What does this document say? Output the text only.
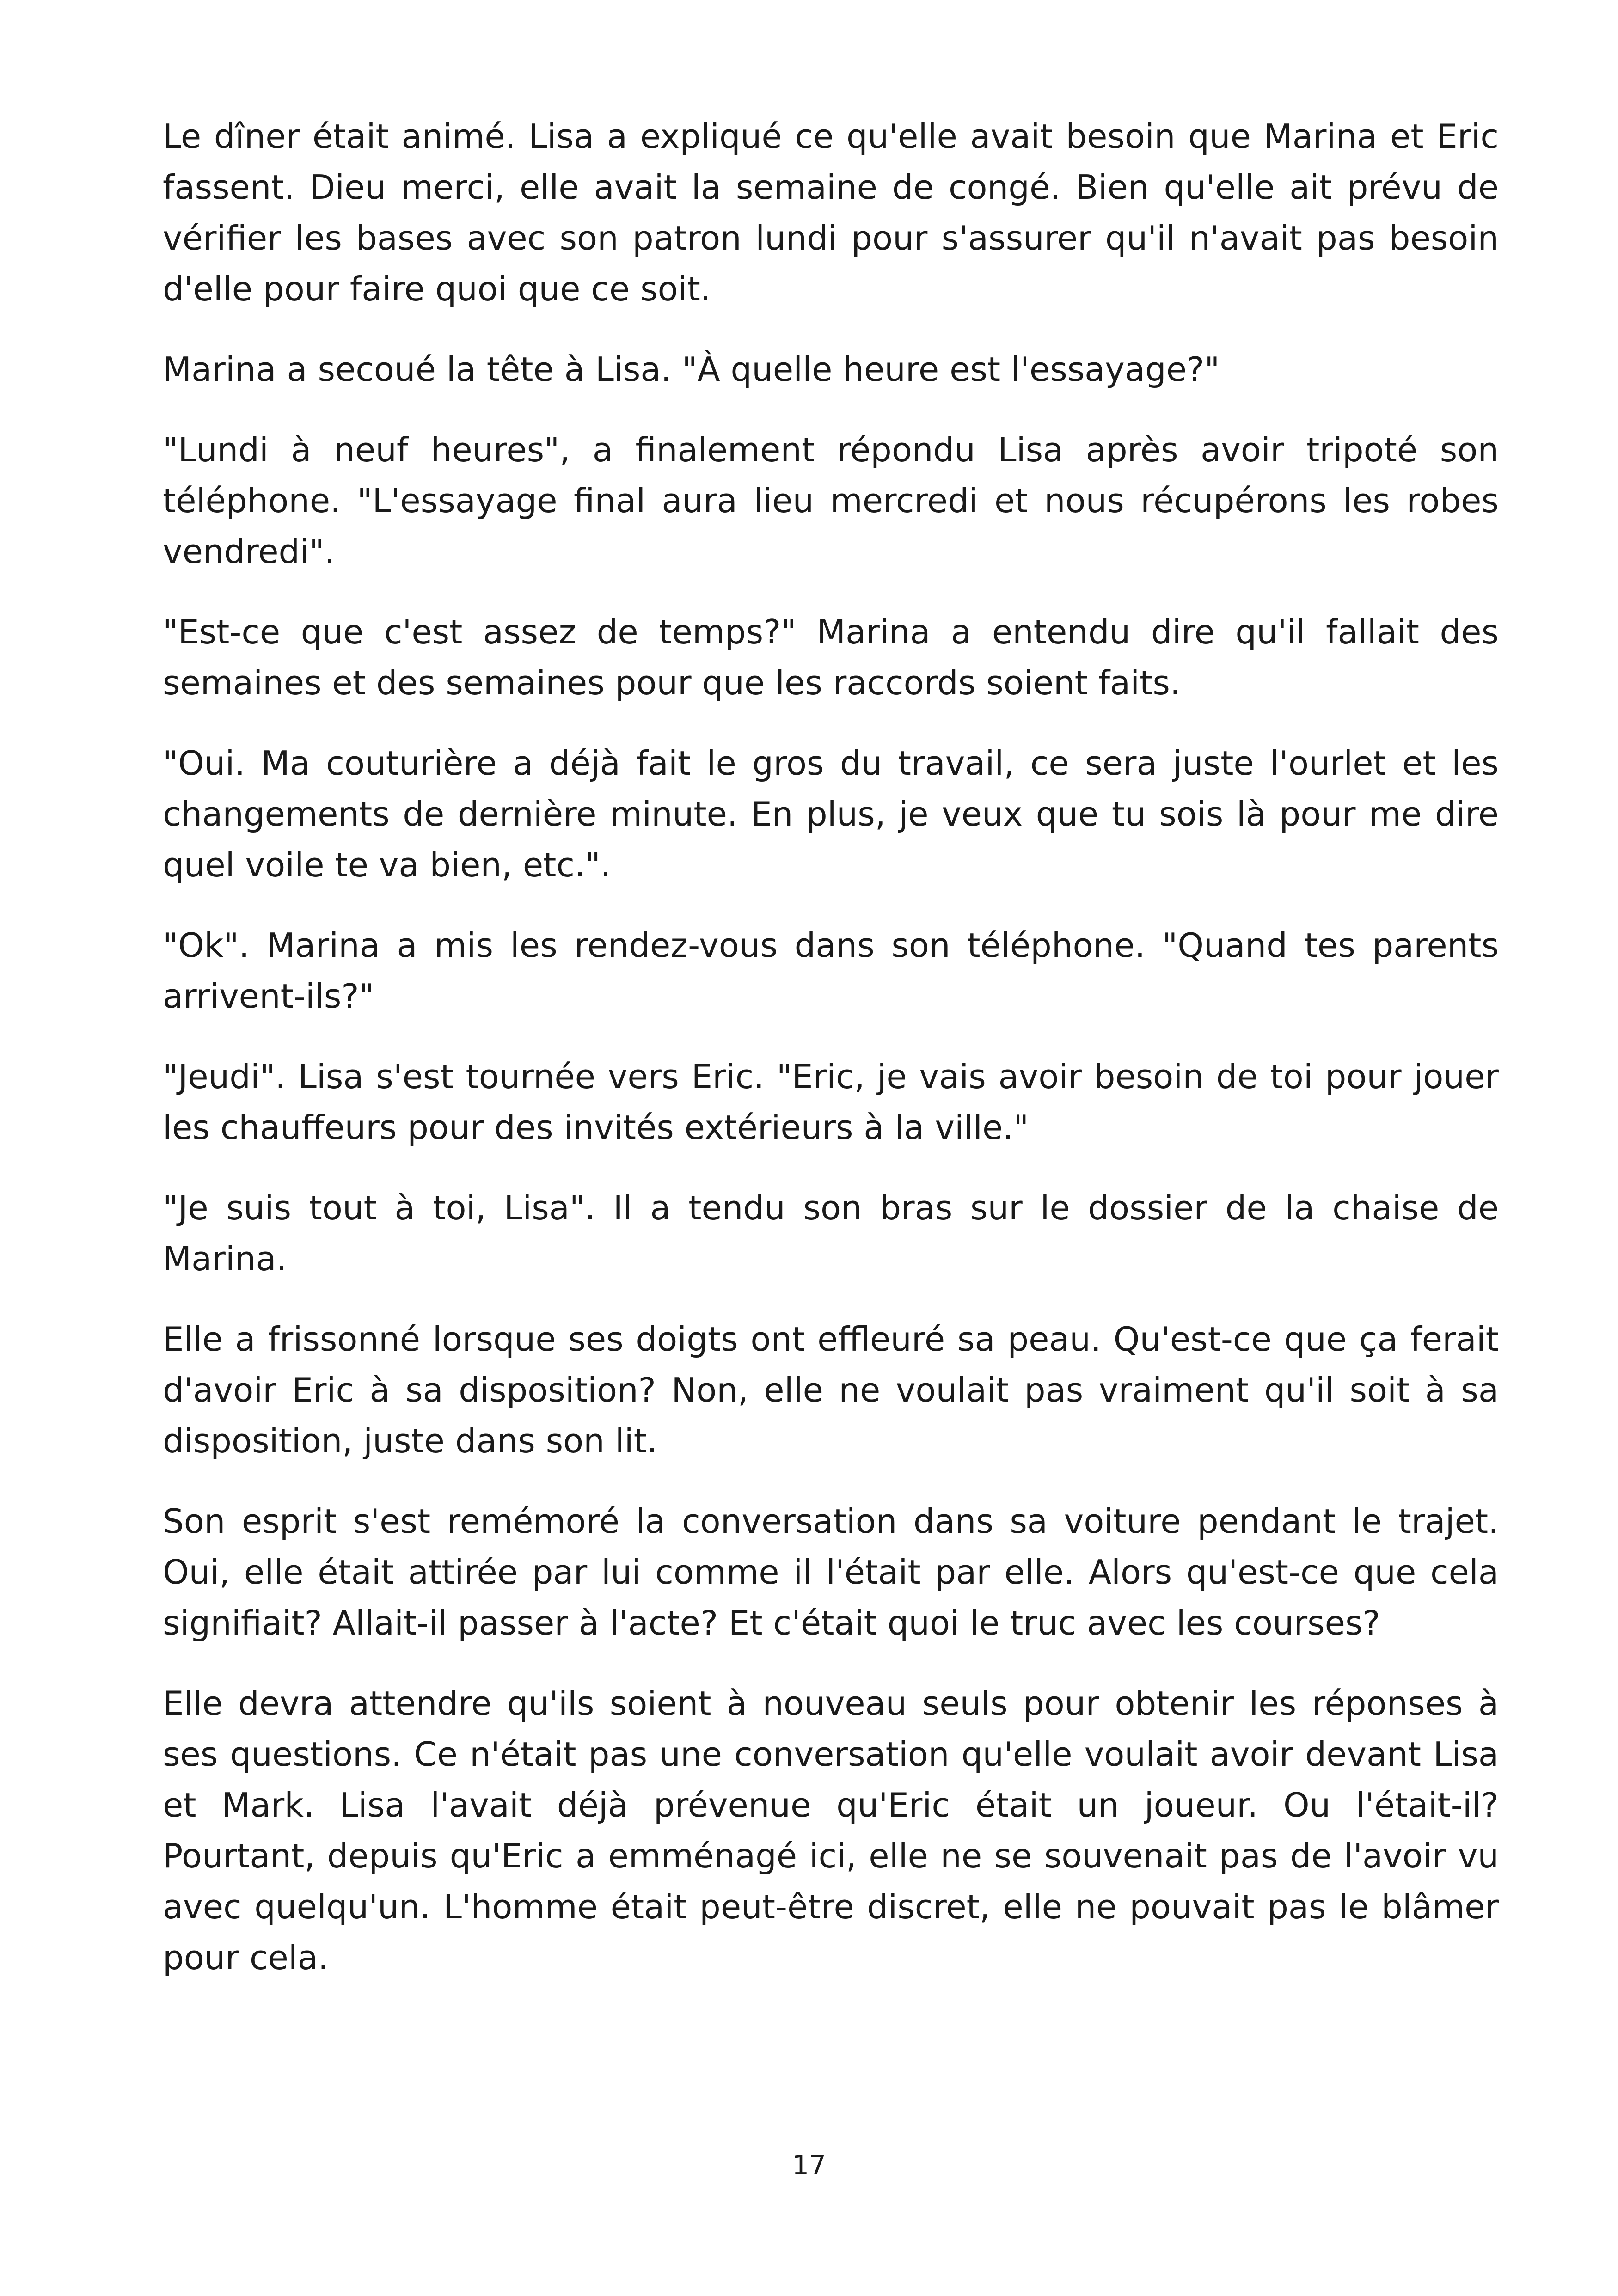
Le dîner était animé. Lisa a expliqué ce qu'elle avait besoin que Marina et Eric fassent. Dieu merci, elle avait la semaine de congé. Bien qu'elle ait prévu de vérifier les bases avec son patron lundi pour s'assurer qu'il n'avait pas besoin d'elle pour faire quoi que ce soit.

Marina a secoué la tête à Lisa. "À quelle heure est l'essayage?"

"Lundi à neuf heures", a finalement répondu Lisa après avoir tripoté son téléphone. "L'essayage final aura lieu mercredi et nous récupérons les robes vendredi".

"Est-ce que c'est assez de temps?" Marina a entendu dire qu'il fallait des semaines et des semaines pour que les raccords soient faits.

"Oui. Ma couturière a déjà fait le gros du travail, ce sera juste l'ourlet et les changements de dernière minute. En plus, je veux que tu sois là pour me dire quel voile te va bien, etc.".

"Ok". Marina a mis les rendez-vous dans son téléphone. "Quand tes parents arrivent-ils?"

"Jeudi". Lisa s'est tournée vers Eric. "Eric, je vais avoir besoin de toi pour jouer les chauffeurs pour des invités extérieurs à la ville."

"Je suis tout à toi, Lisa". Il a tendu son bras sur le dossier de la chaise de Marina.

Elle a frissonné lorsque ses doigts ont effleuré sa peau. Qu'est-ce que ça ferait d'avoir Eric à sa disposition? Non, elle ne voulait pas vraiment qu'il soit à sa disposition, juste dans son lit.

Son esprit s'est remémoré la conversation dans sa voiture pendant le trajet. Oui, elle était attirée par lui comme il l'était par elle. Alors qu'est-ce que cela signifiait? Allait-il passer à l'acte? Et c'était quoi le truc avec les courses?

Elle devra attendre qu'ils soient à nouveau seuls pour obtenir les réponses à ses questions. Ce n'était pas une conversation qu'elle voulait avoir devant Lisa et Mark. Lisa l'avait déjà prévenue qu'Eric était un joueur. Ou l'était-il? Pourtant, depuis qu'Eric a emménagé ici, elle ne se souvenait pas de l'avoir vu avec quelqu'un. L'homme était peut-être discret, elle ne pouvait pas le blâmer pour cela.

17
